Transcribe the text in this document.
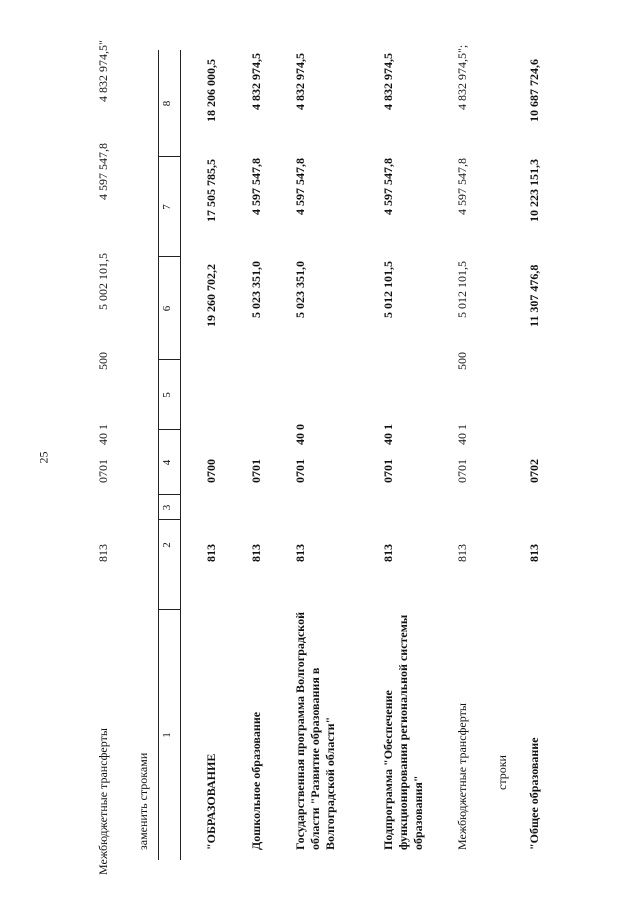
25
Межбюджетные трансферты
813
0701
40 1
500
5 002 101,5
4 597 547,8
4 832 974,5"
заменить строками
1
2
3
4
5
6
7
8
"ОБРАЗОВАНИЕ
813
0700
19 260 702,2
17 505 785,5
18 206 000,5
Дошкольное образование
813
0701
5 023 351,0
4 597 547,8
4 832 974,5
Государственная программа Волгоградской области "Развитие образования в Волгоградской области"
813
0701
40 0
5 023 351,0
4 597 547,8
4 832 974,5
Подпрограмма "Обеспечение функционирования региональной системы образования"
813
0701
40 1
5 012 101,5
4 597 547,8
4 832 974,5
Межбюджетные трансферты
813
0701
40 1
500
5 012 101,5
4 597 547,8
4 832 974,5";
строки "Общее образование
813
0702
11 307 476,8
10 223 151,3
10 687 724,6
